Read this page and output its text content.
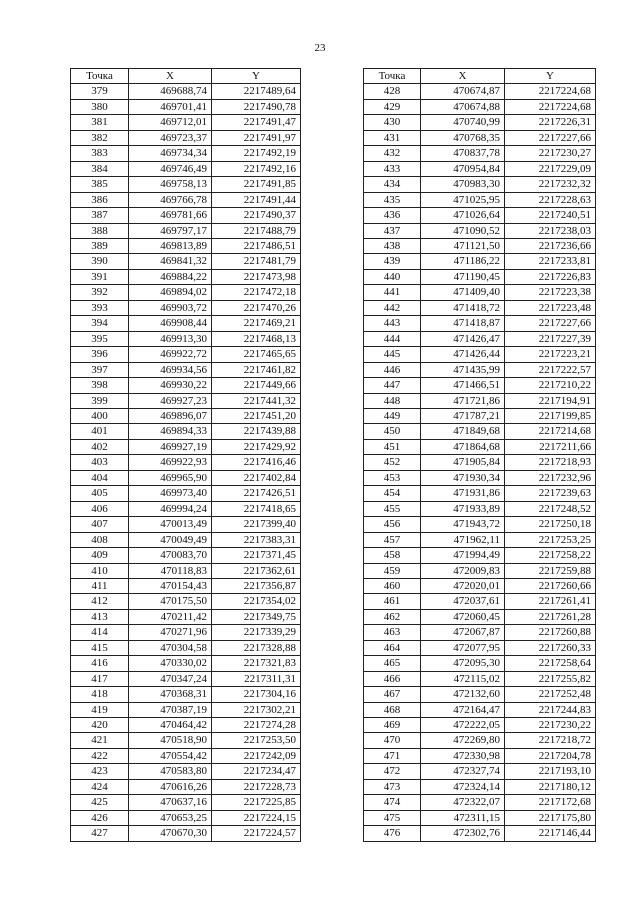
23
Точка	X	Y
379	469688,74	2217489,64
380	469701,41	2217490,78
381	469712,01	2217491,47
382	469723,37	2217491,97
383	469734,34	2217492,19
384	469746,49	2217492,16
385	469758,13	2217491,85
386	469766,78	2217491,44
387	469781,66	2217490,37
388	469797,17	2217488,79
389	469813,89	2217486,51
390	469841,32	2217481,79
391	469884,22	2217473,98
392	469894,02	2217472,18
393	469903,72	2217470,26
394	469908,44	2217469,21
395	469913,30	2217468,13
396	469922,72	2217465,65
397	469934,56	2217461,82
398	469930,22	2217449,66
399	469927,23	2217441,32
400	469896,07	2217451,20
401	469894,33	2217439,88
402	469927,19	2217429,92
403	469922,93	2217416,46
404	469965,90	2217402,84
405	469973,40	2217426,51
406	469994,24	2217418,65
407	470013,49	2217399,40
408	470049,49	2217383,31
409	470083,70	2217371,45
410	470118,83	2217362,61
411	470154,43	2217356,87
412	470175,50	2217354,02
413	470211,42	2217349,75
414	470271,96	2217339,29
415	470304,58	2217328,88
416	470330,02	2217321,83
417	470347,24	2217311,31
418	470368,31	2217304,16
419	470387,19	2217302,21
420	470464,42	2217274,28
421	470518,90	2217253,50
422	470554,42	2217242,09
423	470583,80	2217234,47
424	470616,26	2217228,73
425	470637,16	2217225,85
426	470653,25	2217224,15
427	470670,30	2217224,57
Точка	X	Y
428	470674,87	2217224,68
429	470674,88	2217224,68
430	470740,99	2217226,31
431	470768,35	2217227,66
432	470837,78	2217230,27
433	470954,84	2217229,09
434	470983,30	2217232,32
435	471025,95	2217228,63
436	471026,64	2217240,51
437	471090,52	2217238,03
438	471121,50	2217236,66
439	471186,22	2217233,81
440	471190,45	2217226,83
441	471409,40	2217223,38
442	471418,72	2217223,48
443	471418,87	2217227,66
444	471426,47	2217227,39
445	471426,44	2217223,21
446	471435,99	2217222,57
447	471466,51	2217210,22
448	471721,86	2217194,91
449	471787,21	2217199,85
450	471849,68	2217214,68
451	471864,68	2217211,66
452	471905,84	2217218,93
453	471930,34	2217232,96
454	471931,86	2217239,63
455	471933,89	2217248,52
456	471943,72	2217250,18
457	471962,11	2217253,25
458	471994,49	2217258,22
459	472009,83	2217259,88
460	472020,01	2217260,66
461	472037,61	2217261,41
462	472060,45	2217261,28
463	472067,87	2217260,88
464	472077,95	2217260,33
465	472095,30	2217258,64
466	472115,02	2217255,82
467	472132,60	2217252,48
468	472164,47	2217244,83
469	472222,05	2217230,22
470	472269,80	2217218,72
471	472330,98	2217204,78
472	472327,74	2217193,10
473	472324,14	2217180,12
474	472322,07	2217172,68
475	472311,15	2217175,80
476	472302,76	2217146,44
